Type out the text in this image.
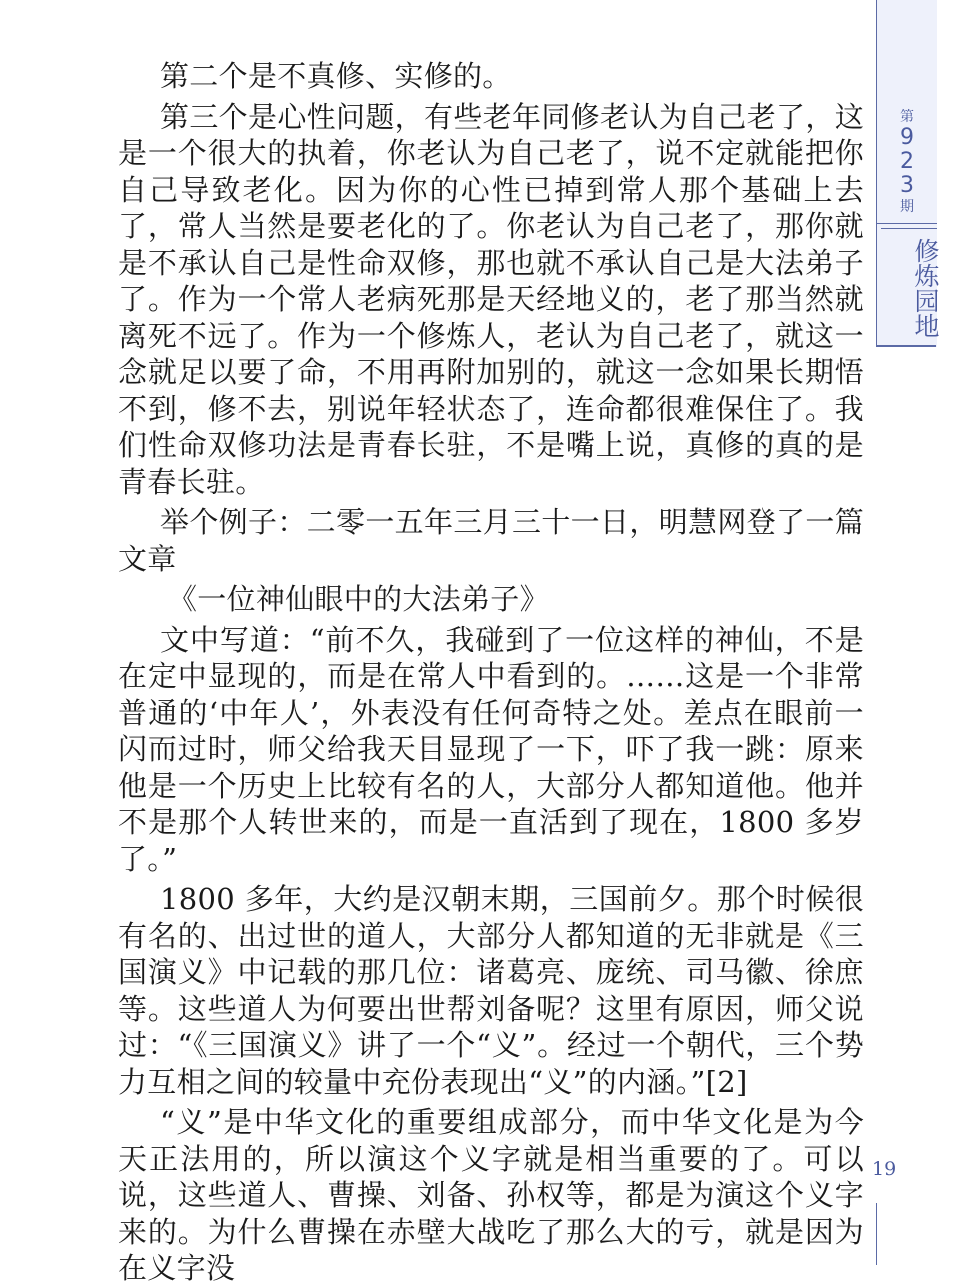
第
9
2
3
期
修炼园地

第二个是不真修、实修的。

第三个是心性问题，有些老年同修老认为自己老了，这是一个很大的执着，你老认为自己老了，说不定就能把你自己导致老化。因为你的心性已掉到常人那个基础上去了，常人当然是要老化的了。你老认为自己老了，那你就是不承认自己是性命双修，那也就不承认自己是大法弟子了。作为一个常人老病死那是天经地义的，老了那当然就离死不远了。作为一个修炼人，老认为自己老了，就这一念就足以要了命，不用再附加别的，就这一念如果长期悟不到，修不去，别说年轻状态了，连命都很难保住了。我们性命双修功法是青春长驻，不是嘴上说，真修的真的是青春长驻。

举个例子：二零一五年三月三十一日，明慧网登了一篇文章

《一位神仙眼中的大法弟子》

文中写道：“前不久，我碰到了一位这样的神仙，不是在定中显现的，而是在常人中看到的。……这是一个非常普通的‘中年人’，外表没有任何奇特之处。差点在眼前一闪而过时，师父给我天目显现了一下，吓了我一跳：原来他是一个历史上比较有名的人，大部分人都知道他。他并不是那个人转世来的，而是一直活到了现在，1800 多岁了。”

1800 多年，大约是汉朝末期，三国前夕。那个时候很有名的、出过世的道人，大部分人都知道的无非就是《三国演义》中记载的那几位：诸葛亮、庞统、司马徽、徐庶等。这些道人为何要出世帮刘备呢？这里有原因，师父说过：“《三国演义》讲了一个“义”。经过一个朝代，三个势力互相之间的较量中充份表现出“义”的内涵。”[2]

“义”是中华文化的重要组成部分，而中华文化是为今天正法用的，所以演这个义字就是相当重要的了。可以说，这些道人、曹操、刘备、孙权等，都是为演这个义字来的。为什么曹操在赤壁大战吃了那么大的亏，就是因为在义字没

19
